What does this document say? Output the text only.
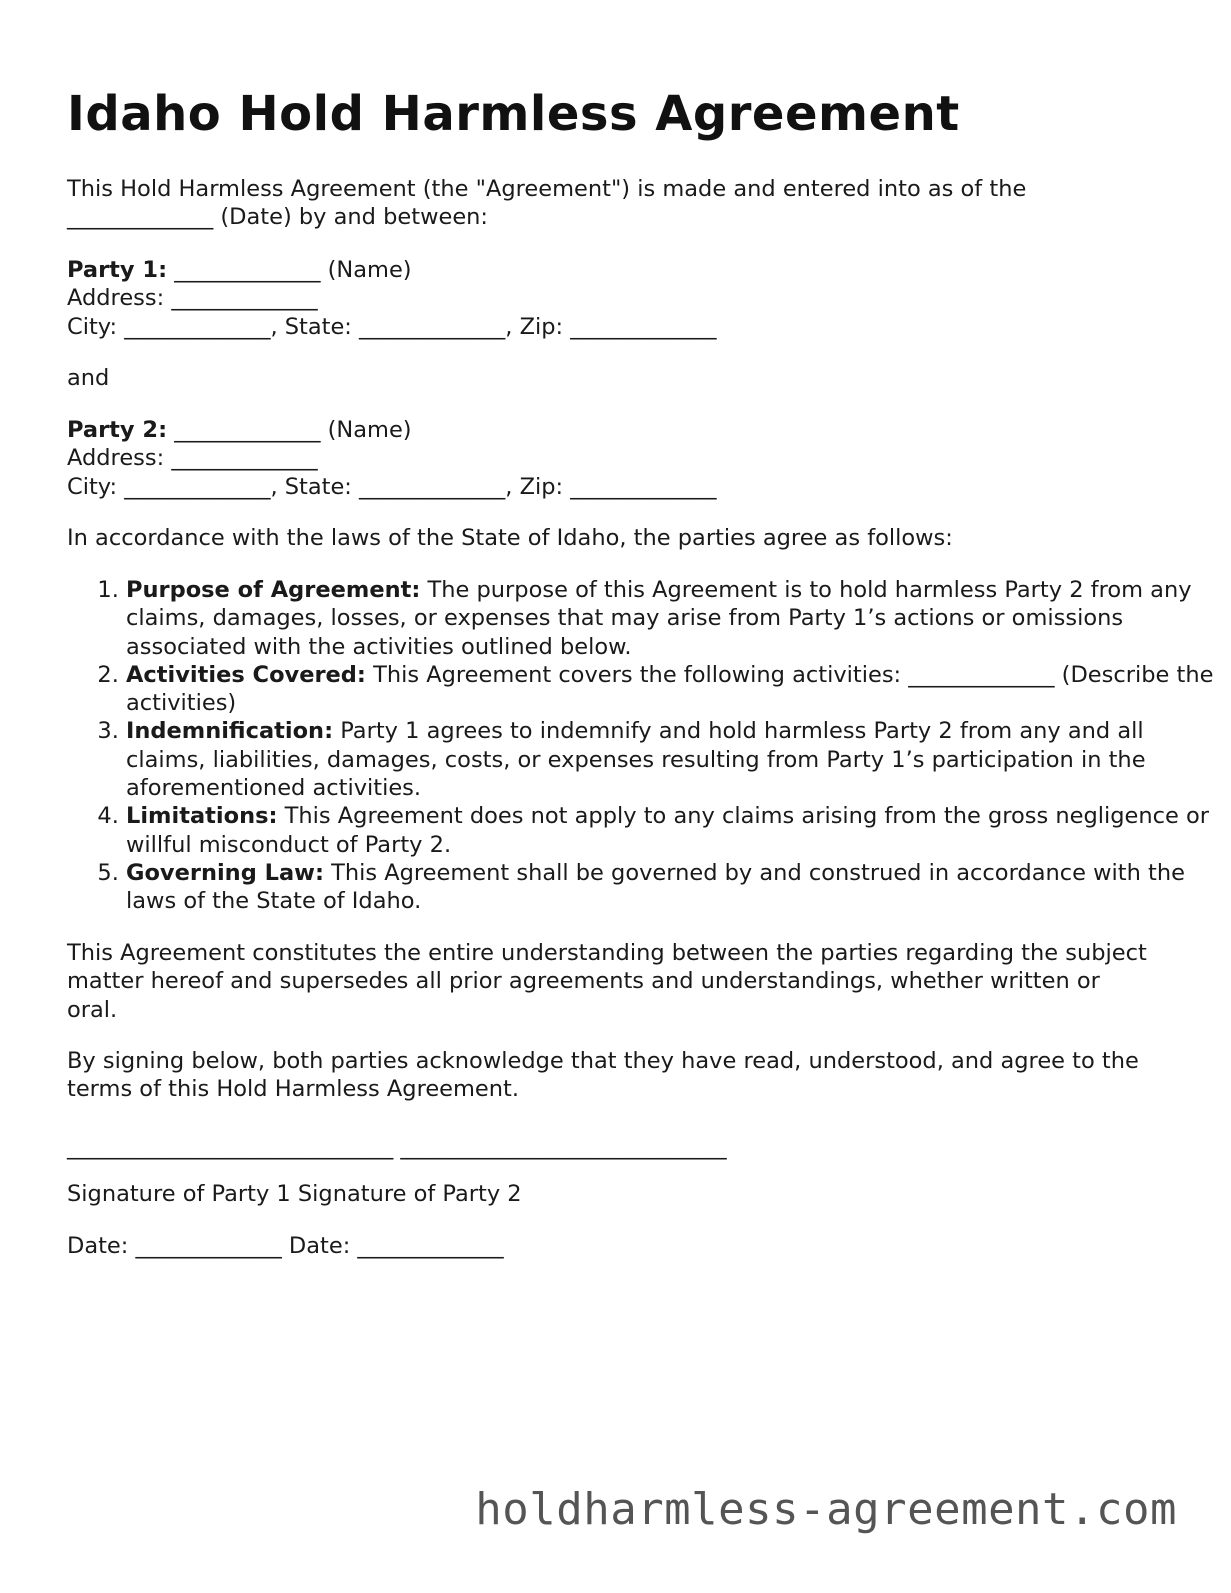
Idaho Hold Harmless Agreement
This Hold Harmless Agreement (the "Agreement") is made and entered into as of the
_____________ (Date) by and between:
Party 1: _____________ (Name)
Address: _____________
City: _____________, State: _____________, Zip: _____________
and
Party 2: _____________ (Name)
Address: _____________
City: _____________, State: _____________, Zip: _____________
In accordance with the laws of the State of Idaho, the parties agree as follows:
1. Purpose of Agreement: The purpose of this Agreement is to hold harmless Party 2 from any claims, damages, losses, or expenses that may arise from Party 1’s actions or omissions associated with the activities outlined below.
2. Activities Covered: This Agreement covers the following activities: _____________ (Describe the activities)
3. Indemnification: Party 1 agrees to indemnify and hold harmless Party 2 from any and all claims, liabilities, damages, costs, or expenses resulting from Party 1’s participation in the aforementioned activities.
4. Limitations: This Agreement does not apply to any claims arising from the gross negligence or willful misconduct of Party 2.
5. Governing Law: This Agreement shall be governed by and construed in accordance with the laws of the State of Idaho.
This Agreement constitutes the entire understanding between the parties regarding the subject matter hereof and supersedes all prior agreements and understandings, whether written or oral.
By signing below, both parties acknowledge that they have read, understood, and agree to the terms of this Hold Harmless Agreement.
_____________________________ _____________________________
Signature of Party 1 Signature of Party 2
Date: _____________ Date: _____________
holdharmless-agreement.com
